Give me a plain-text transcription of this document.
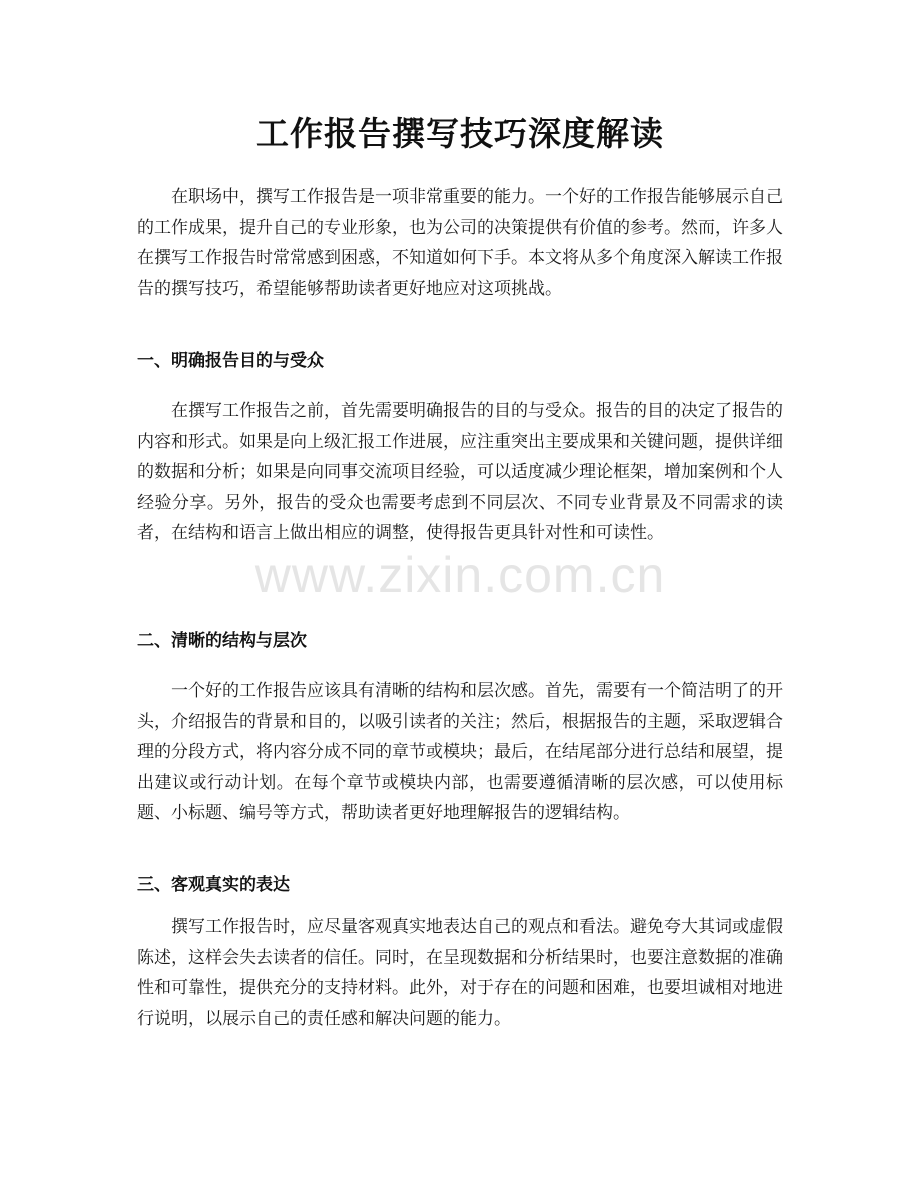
工作报告撰写技巧深度解读

在职场中，撰写工作报告是一项非常重要的能力。一个好的工作报告能够展示自己的工作成果，提升自己的专业形象，也为公司的决策提供有价值的参考。然而，许多人在撰写工作报告时常常感到困惑，不知道如何下手。本文将从多个角度深入解读工作报告的撰写技巧，希望能够帮助读者更好地应对这项挑战。

一、明确报告目的与受众

在撰写工作报告之前，首先需要明确报告的目的与受众。报告的目的决定了报告的内容和形式。如果是向上级汇报工作进展，应注重突出主要成果和关键问题，提供详细的数据和分析；如果是向同事交流项目经验，可以适度减少理论框架，增加案例和个人经验分享。另外，报告的受众也需要考虑到不同层次、不同专业背景及不同需求的读者，在结构和语言上做出相应的调整，使得报告更具针对性和可读性。

二、清晰的结构与层次

一个好的工作报告应该具有清晰的结构和层次感。首先，需要有一个简洁明了的开头，介绍报告的背景和目的，以吸引读者的关注；然后，根据报告的主题，采取逻辑合理的分段方式，将内容分成不同的章节或模块；最后，在结尾部分进行总结和展望，提出建议或行动计划。在每个章节或模块内部，也需要遵循清晰的层次感，可以使用标题、小标题、编号等方式，帮助读者更好地理解报告的逻辑结构。

三、客观真实的表达

撰写工作报告时，应尽量客观真实地表达自己的观点和看法。避免夸大其词或虚假陈述，这样会失去读者的信任。同时，在呈现数据和分析结果时，也要注意数据的准确性和可靠性，提供充分的支持材料。此外，对于存在的问题和困难，也要坦诚相对地进行说明，以展示自己的责任感和解决问题的能力。

www.zixin.com.cn
